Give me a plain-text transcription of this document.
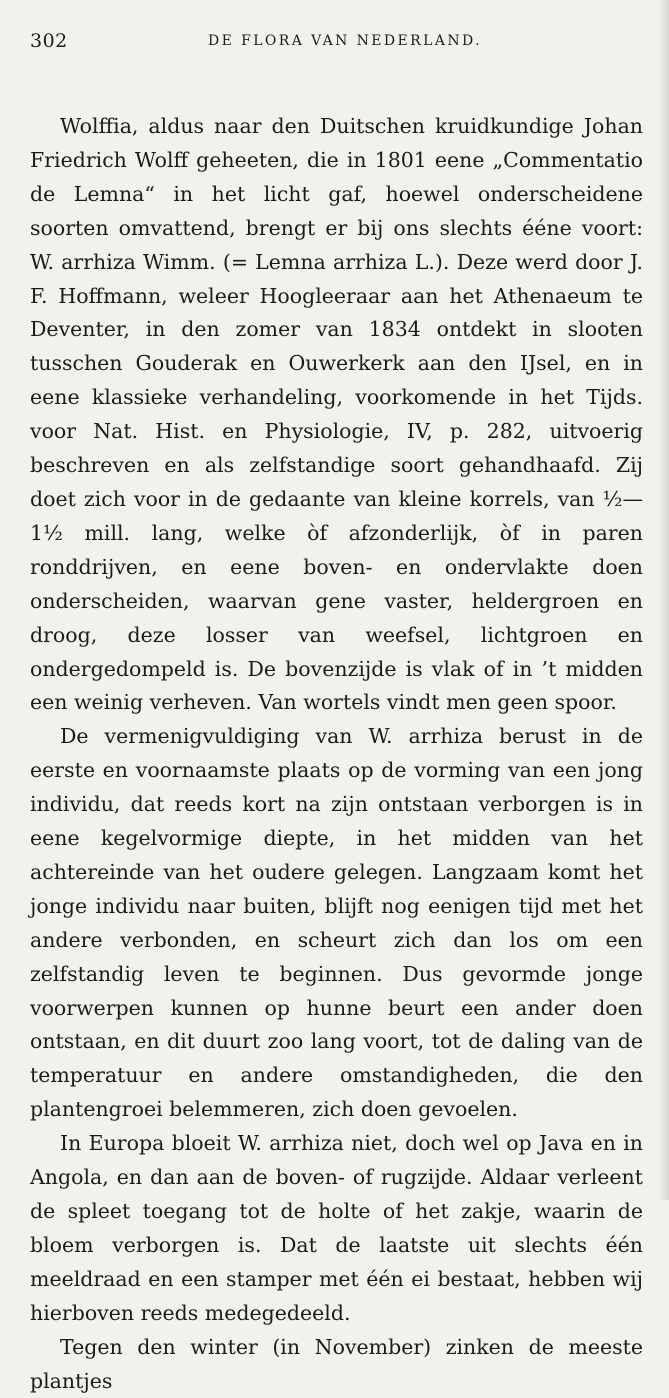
302	DE FLORA VAN NEDERLAND.

Wolffia, aldus naar den Duitschen kruidkundige Johan Friedrich Wolff geheeten, die in 1801 eene „Commentatio de Lemna“ in het licht gaf, hoewel onderscheidene soorten omvattend, brengt er bij ons slechts ééne voort: W. arrhiza Wimm. (= Lemna arrhiza L.). Deze werd door J. F. Hoffmann, weleer Hoogleeraar aan het Athenaeum te Deventer, in den zomer van 1834 ontdekt in slooten tusschen Gouderak en Ouwerkerk aan den IJsel, en in eene klassieke verhandeling, voorkomende in het Tijds. voor Nat. Hist. en Physiologie, IV, p. 282, uitvoerig beschreven en als zelfstandige soort gehandhaafd. Zij doet zich voor in de gedaante van kleine korrels, van ½—1½ mill. lang, welke òf afzonderlijk, òf in paren ronddrijven, en eene boven- en ondervlakte doen onderscheiden, waarvan gene vaster, heldergroen en droog, deze losser van weefsel, lichtgroen en ondergedompeld is. De bovenzijde is vlak of in ’t midden een weinig verheven. Van wortels vindt men geen spoor.

De vermenigvuldiging van W. arrhiza berust in de eerste en voornaamste plaats op de vorming van een jong individu, dat reeds kort na zijn ontstaan verborgen is in eene kegelvormige diepte, in het midden van het achtereinde van het oudere gelegen. Langzaam komt het jonge individu naar buiten, blijft nog eenigen tijd met het andere verbonden, en scheurt zich dan los om een zelfstandig leven te beginnen. Dus gevormde jonge voorwerpen kunnen op hunne beurt een ander doen ontstaan, en dit duurt zoo lang voort, tot de daling van de temperatuur en andere omstandigheden, die den plantengroei belemmeren, zich doen gevoelen.

In Europa bloeit W. arrhiza niet, doch wel op Java en in Angola, en dan aan de boven- of rugzijde. Aldaar verleent de spleet toegang tot de holte of het zakje, waarin de bloem verborgen is. Dat de laatste uit slechts één meeldraad en een stamper met één ei bestaat, hebben wij hierboven reeds medegedeeld.

Tegen den winter (in November) zinken de meeste plantjes
